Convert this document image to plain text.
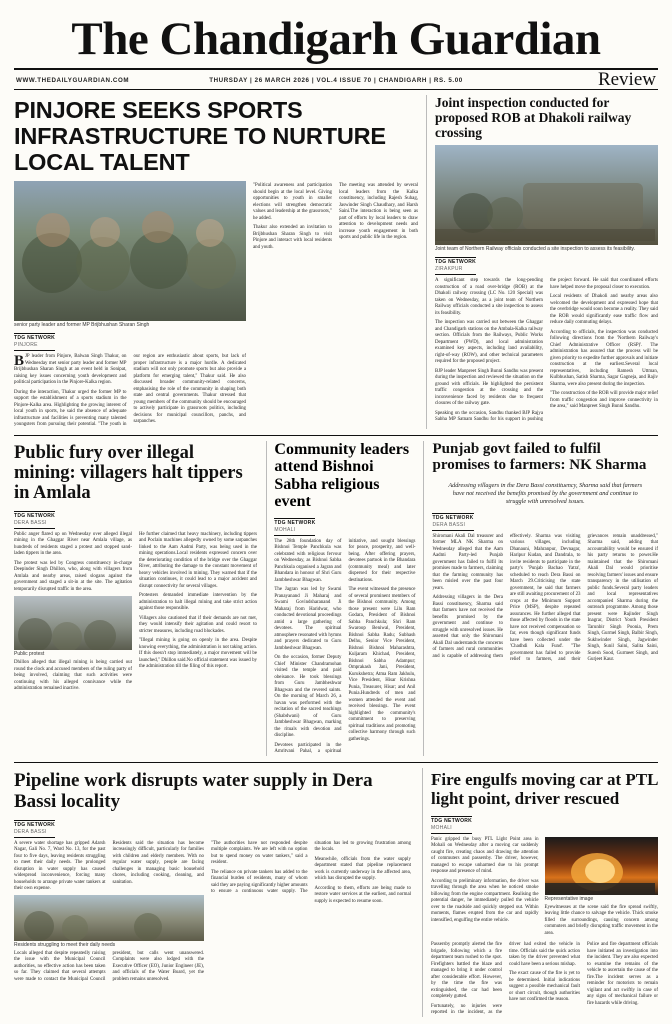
The Chandigarh Guardian
WWW.THEDAILYGUARDIAN.COM	THURSDAY | 26 MARCH 2026 | VOL.4 ISSUE 70 | CHANDIGARH | RS. 5.00	Review
PINJORE SEEKS SPORTS INFRASTRUCTURE TO NURTURE LOCAL TALENT
senior party leader and former MP Brijbhushan Sharan Singh
TDG NETWORK
PINJORE

BJP leader from Pinjore, Balwan Singh Thakur, on Wednesday met senior party leader and former MP Brijbhushan Sharan Singh at an event held in Sonipat, raising key issues concerning youth development and political participation in the Pinjore-Kalka region.

During the interaction, Thakur urged the former MP to support the establishment of a sports stadium in the Pinjore-Kalka area. Highlighting the growing interest of local youth in sports, he said the absence of adequate infrastructure and facilities is preventing many talented youngsters from pursuing their potential. "The youth in our region are enthusiastic about sports, but lack of proper infrastructure is a major hurdle. A dedicated stadium will not only promote sports but also provide a platform for emerging talent," Thakur said. He also discussed broader community-related concerns, emphasising the role of the community in shaping both state and central governments. Thakur stressed that young members of the community should be encouraged to actively participate in grassroots politics, including decisions for municipal councillors, panchs, and sarpanches.

"Political awareness and participation should begin at the local level. Giving opportunities to youth in smaller elections will strengthen democratic values and leadership at the grassroots," he added.

Thakur also extended an invitation to Brijbhushan Sharan Singh to visit Pinjore and interact with local residents and youth.

The meeting was attended by several local leaders from the Kalka constituency, including Rajesh Suhag, Jaswinder Singh Chaudhary, and Harsh Saini.The interaction is being seen as part of efforts by local leaders to draw attention to development needs and increase youth engagement in both sports and public life in the region.

Joint inspection conducted for proposed ROB at Dhakoli railway crossing
Joint team of Northern Railway officials conducted a site inspection to assess its feasibility.
TDG NETWORK
ZIRAKPUR

A significant step towards the long-pending construction of a road over-bridge (ROB) at the Dhakoli railway crossing (LC No. 120 Special) was taken on Wednesday, as a joint team of Northern Railway officials conducted a site inspection to assess its feasibility.

The inspection was carried out between the Ghaggar and Chandigarh stations on the Ambala-Kalka railway section. Officials from the Railways, Public Works Department (PWD), and local administration examined key aspects, including land availability, right-of-way (ROW), and other technical parameters required for the proposed project.

BJP leader Manpreet Singh Bunni Sandhu was present during the inspection and reviewed the situation on the ground with officials. He highlighted the persistent traffic congestion at the crossing and the inconvenience faced by residents due to frequent closures of the railway gate.

Speaking on the occasion, Sandhu thanked BJP Rajya Sabha MP Satnam Sandhu for his support in pushing the project forward. He said that coordinated efforts have helped move the proposal closer to execution.

Local residents of Dhakoli and nearby areas also welcomed the development and expressed hope that the overbridge would soon become a reality. They said the ROB would significantly ease traffic flow and reduce daily commuting delays.

According to officials, the inspection was conducted following directions from the 'Northern Railway's Chief Administrative Officer (RSP)'. The administration has assured that the process will be given priority to expedite further approvals and initiate construction at the earliest.Several local representatives, including Ramesh Uttman, Kulbhushan, Satish Sharma, Sagar Gagneja, and Rajiv Sharma, were also present during the inspection.

"The construction of the ROB will provide major relief from traffic congestion and improve connectivity in the area," said Manpreet Singh Bunni Sandhu.

Public fury over illegal mining: villagers halt tippers in Amlala
TDG NETWORK
DERA BASSI

Public anger flared up on Wednesday over alleged illegal mining in the Ghaggar River near Amlala village, as hundreds of residents staged a protest and stopped sand-laden tippers in the area.

The protest was led by Congress constituency in-charge Deepinder Singh Dhillon, who, along with villagers from Amlala and nearby areas, raised slogans against the government and staged a sit-in at the site. The agitation temporarily disrupted traffic in the area.

Public protest

Dhillon alleged that illegal mining is being carried out round the clock and accused members of the ruling party of being involved, claiming that such activities were continuing with his alleged connivance while the administration remained inactive.

He further claimed that heavy machinery, including tippers and Poclain machines allegedly owned by some sarpanches linked to the Aam Aadmi Party, was being used in the mining operations.Local residents expressed concern over the deteriorating condition of the bridge over the Ghaggar River, attributing the damage to the constant movement of heavy vehicles involved in mining. They warned that if the situation continues, it could lead to a major accident and disrupt connectivity for several villages.

Protesters demanded immediate intervention by the administration to halt illegal mining and take strict action against those responsible.

Villagers also cautioned that if their demands are not met, they would intensify their agitation and could resort to stricter measures, including road blockades.

"Illegal mining is going on openly in the area. Despite knowing everything, the administration is not taking action. If this doesn't stop immediately, a major movement will be launched," Dhillon said.No official statement was issued by the administration till the filing of this report.

Community leaders attend Bishnoi Sabha religious event
TDG NETWORK
MOHALI

The 28th foundation day of Bishnoi Temple Panchkula was celebrated with religious fervour on Wednesday, as Bishnoi Sabha Panchkula organised a Jagran and Bhandara in honour of Shri Guru Jambheshwar Bhagwan.

The Jagran was led by Swami Pranayanand Ji Maharaj and Swami Govindsharanand Ji Maharaj from Haridwar, who conducted devotional proceedings amid a large gathering of devotees. The spiritual atmosphere resonated with hymns and prayers dedicated to Guru Jambheshwar Bhagwan.

On the occasion, former Deputy Chief Minister Chandramohan visited the temple and paid obeisance. He took blessings from Guru Jambheshwar Bhagwan and the revered saints. On the morning of March 26, a havan was performed with the recitation of the sacred teachings (Shabdwani) of Guru Jambheshwar Bhagwan, marking the rituals with devotion and discipline.

Devotees participated in the Amritvani Pahal, a spiritual initiative, and sought blessings for peace, prosperity, and well-being. After offering prayers, devotees partook in the Bhandara (community meal) and later dispersed for their respective destinations.

The event witnessed the presence of several prominent members of the Bishnoi community. Among those present were Lilu Ram Godara, President of Bishnoi Sabha Panchkula; Shri Ram Swaroop Beniwal, President, Bishnoi Sabha Radu; Subhash Delhu, Senior Vice President, Bishnoi Bishnoi Maharashtra, Kuljaram Khichad, President, Bishnoi Sabha Adampur; Omprakash Jani, President, Kurukshetra; Atma Ram Jakhulu, Vice President, Hisar Krishna Punia, Treasurer, Hisar; and Anil Punia.Hundreds of men and women attended the event and received blessings. The event highlighted the community's commitment to preserving spiritual traditions and promoting collective harmony through such gatherings.

Punjab govt failed to fulfil promises to farmers: NK Sharma
Addressing villagers in the Dera Bassi constituency, Sharma said that farmers have not received the benefits promised by the government and continue to struggle with unresolved issues.
TDG NETWORK
DERA BASSI

Shiromani Akali Dal treasurer and former MLA NK Sharma on Wednesday alleged that the Aam Aadmi Party-led Punjab government has failed to fulfil its promises made to farmers, claiming that the farming community has been misled over the past four years.

Addressing villagers in the Dera Bassi constituency, Sharma said that farmers have not received the benefits promised by the government and continue to struggle with unresolved issues. He asserted that only the Shiromani Akali Dal understands the concerns of farmers and rural communities and is capable of addressing them effectively. Sharma was visiting various villages, including Dhanauni, Mahranpur, Devnagar, Haripur Kudan, and Dandrala, to invite residents to participate in the party's 'Punjab Bachao Yatra', scheduled to reach Dera Bassi on March 29.Criticising the state government, he said that farmers are still awaiting procurement of 23 crops at the Minimum Support Price (MSP), despite repeated assurances. He further alleged that those affected by floods in the state have not received compensation so far, even though significant funds have been collected under the 'Chadhdi Kala Fund'. "The government has failed to provide relief to farmers, and their grievances remain unaddressed," Sharma said, adding that accountability would be ensured if his party returns to power.He maintained that the Shiromani Akali Dal would prioritise resolving farmers' issues and ensure transparency in the utilisation of public funds.Several party leaders and local representatives accompanied Sharma during the outreach programme. Among those present were Rajinder Singh Inagrar, District Youth President Tarunbir Singh Poonia, Prem Singh, Gurmel Singh, Balbir Singh, Sukhwinder Singh, Jagwinder Singh, Sunil Saini, Salita Saini, Suresh Sood, Gurmeet Singh, and Gurjeet Kaur.

Pipeline work disrupts water supply in Dera Bassi locality
TDG NETWORK
DERA BASSI

A severe water shortage has gripped Adarsh Nagar, Gali No. 7, Ward No. 13, for the past four to five days, leaving residents struggling to meet their daily needs. The prolonged disruption in water supply has caused widespread inconvenience, forcing many households to arrange private water tankers at their own expense.

Residents said the situation has become increasingly difficult, particularly for families with children and elderly members. With no regular water supply, people are facing challenges in managing basic household chores, including cooking, cleaning, and sanitation.

Residents struggling to meet their daily needs

Locals alleged that despite repeatedly raising the issue with the Municipal Council authorities, no effective action has been taken so far. They claimed that several attempts were made to contact the Municipal Council president, but calls went unanswered. Complaints were also lodged with the Executive Officer (EO), Junior Engineer (JE), and officials of the Water Board, yet the problem remains unresolved.

"The authorities have not responded despite multiple complaints. We are left with no option but to spend money on water tankers," said a resident.

The reliance on private tankers has added to the financial burden of residents, many of whom said they are paying significantly higher amounts to ensure a continuous water supply. The situation has led to growing frustration among the locals.

Meanwhile, officials from the water supply department stated that pipeline replacement work is currently underway in the affected area, which has disrupted the supply.

According to them, efforts are being made to restore water services at the earliest, and normal supply is expected to resume soon.

Fire engulfs moving car at PTL light point, driver rescued
TDG NETWORK
MOHALI

Panic gripped the busy PTL Light Point area in Mohali on Wednesday after a moving car suddenly caught fire, creating chaos and drawing the attention of commuters and passersby. The driver, however, managed to escape unharmed due to his prompt response and presence of mind.

According to preliminary information, the driver was travelling through the area when he noticed smoke billowing from the engine compartment. Realising the potential danger, he immediately pulled the vehicle over to the roadside and quickly stepped out. Within moments, flames erupted from the car and rapidly intensified, engulfing the entire vehicle.

Representative image

Eyewitnesses at the scene said the fire spread swiftly, leaving little chance to salvage the vehicle. Thick smoke filled the surroundings, causing concern among commuters and briefly disrupting traffic movement in the area.

Passersby promptly alerted the fire brigade, following which a fire department team rushed to the spot. Firefighters battled the blaze and managed to bring it under control after considerable effort. However, by the time the fire was extinguished, the car had been completely gutted.

Fortunately, no injuries were reported in the incident, as the driver had exited the vehicle in time. Officials said the quick action taken by the driver prevented what could have been a serious mishap.

The exact cause of the fire is yet to be determined. Initial indications suggest a possible mechanical fault or short circuit, though authorities have not confirmed the reason.

Police and fire department officials have initiated an investigation into the incident. They are also expected to examine the remains of the vehicle to ascertain the cause of the fire.The incident serves as a reminder for motorists to remain vigilant and act swiftly in case of any signs of mechanical failure or fire hazards while driving.
